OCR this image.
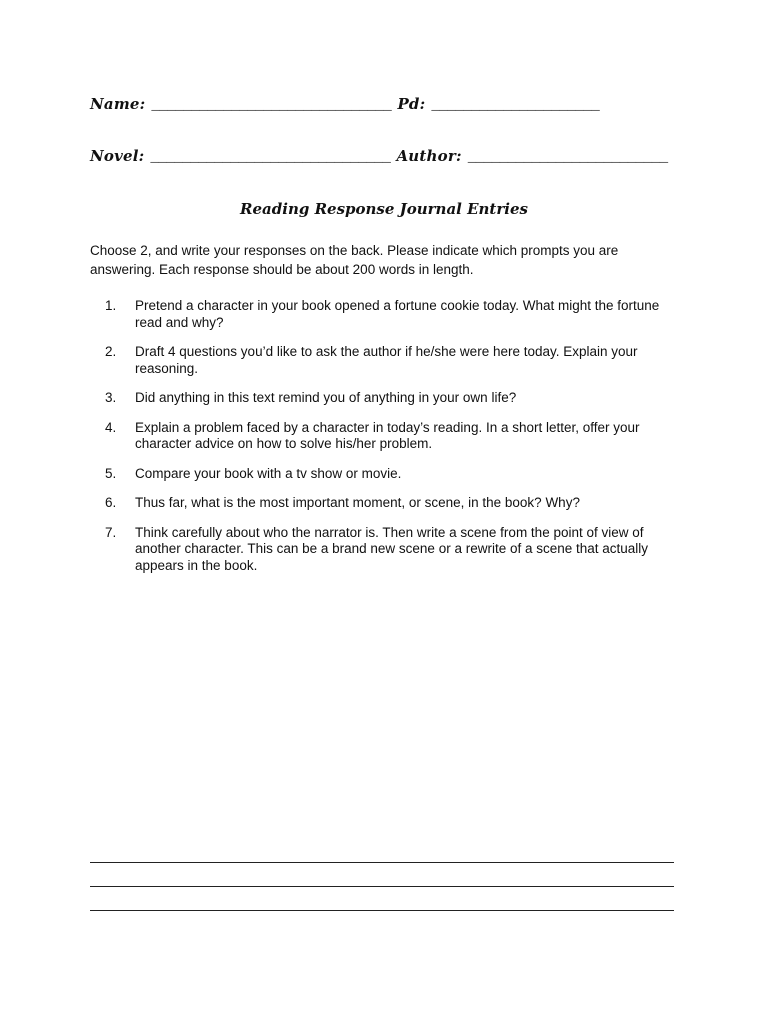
Name: ______________________________ Pd: _____________________
Novel: ______________________________ Author: _________________________
Reading Response Journal Entries

Choose 2, and write your responses on the back. Please indicate which prompts you are answering. Each response should be about 200 words in length.

1.	Pretend a character in your book opened a fortune cookie today. What might the fortune read and why?
2.	Draft 4 questions you’d like to ask the author if he/she were here today. Explain your reasoning.
3.	Did anything in this text remind you of anything in your own life?
4.	Explain a problem faced by a character in today’s reading. In a short letter, offer your character advice on how to solve his/her problem.
5.	Compare your book with a tv show or movie.
6.	Thus far, what is the most important moment, or scene, in the book? Why?
7.	Think carefully about who the narrator is. Then write a scene from the point of view of another character. This can be a brand new scene or a rewrite of a scene that actually appears in the book.
